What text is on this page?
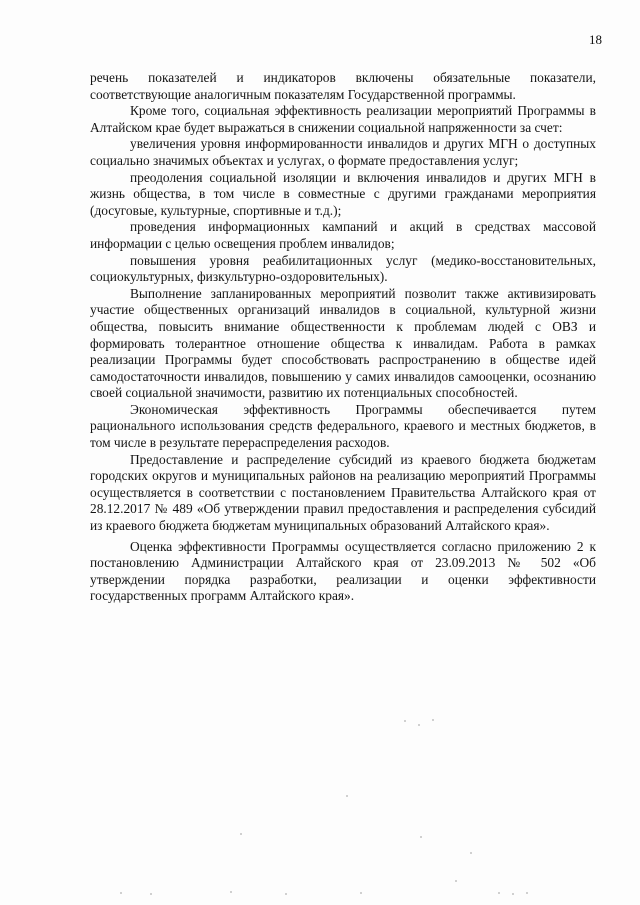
18

речень показателей и индикаторов включены обязательные показатели, соответствующие аналогичным показателям Государственной программы.

Кроме того, социальная эффективность реализации мероприятий Программы в Алтайском крае будет выражаться в снижении социальной напряженности за счет:

увеличения уровня информированности инвалидов и других МГН о доступных социально значимых объектах и услугах, о формате предоставления услуг;

преодоления социальной изоляции и включения инвалидов и других МГН в жизнь общества, в том числе в совместные с другими гражданами мероприятия (досуговые, культурные, спортивные и т.д.);

проведения информационных кампаний и акций в средствах массовой информации с целью освещения проблем инвалидов;

повышения уровня реабилитационных услуг (медико-восстановительных, социокультурных, физкультурно-оздоровительных).

Выполнение запланированных мероприятий позволит также активизировать участие общественных организаций инвалидов в социальной, культурной жизни общества, повысить внимание общественности к проблемам людей с ОВЗ и формировать толерантное отношение общества к инвалидам. Работа в рамках реализации Программы будет способствовать распространению в обществе идей самодостаточности инвалидов, повышению у самих инвалидов самооценки, осознанию своей социальной значимости, развитию их потенциальных способностей.

Экономическая эффективность Программы обеспечивается путем рационального использования средств федерального, краевого и местных бюджетов, в том числе в результате перераспределения расходов.

Предоставление и распределение субсидий из краевого бюджета бюджетам городских округов и муниципальных районов на реализацию мероприятий Программы осуществляется в соответствии с постановлением Правительства Алтайского края от 28.12.2017 № 489 «Об утверждении правил предоставления и распределения субсидий из краевого бюджета бюджетам муниципальных образований Алтайского края».

Оценка эффективности Программы осуществляется согласно приложению 2 к постановлению Администрации Алтайского края от 23.09.2013 № 502 «Об утверждении порядка разработки, реализации и оценки эффективности государственных программ Алтайского края».
